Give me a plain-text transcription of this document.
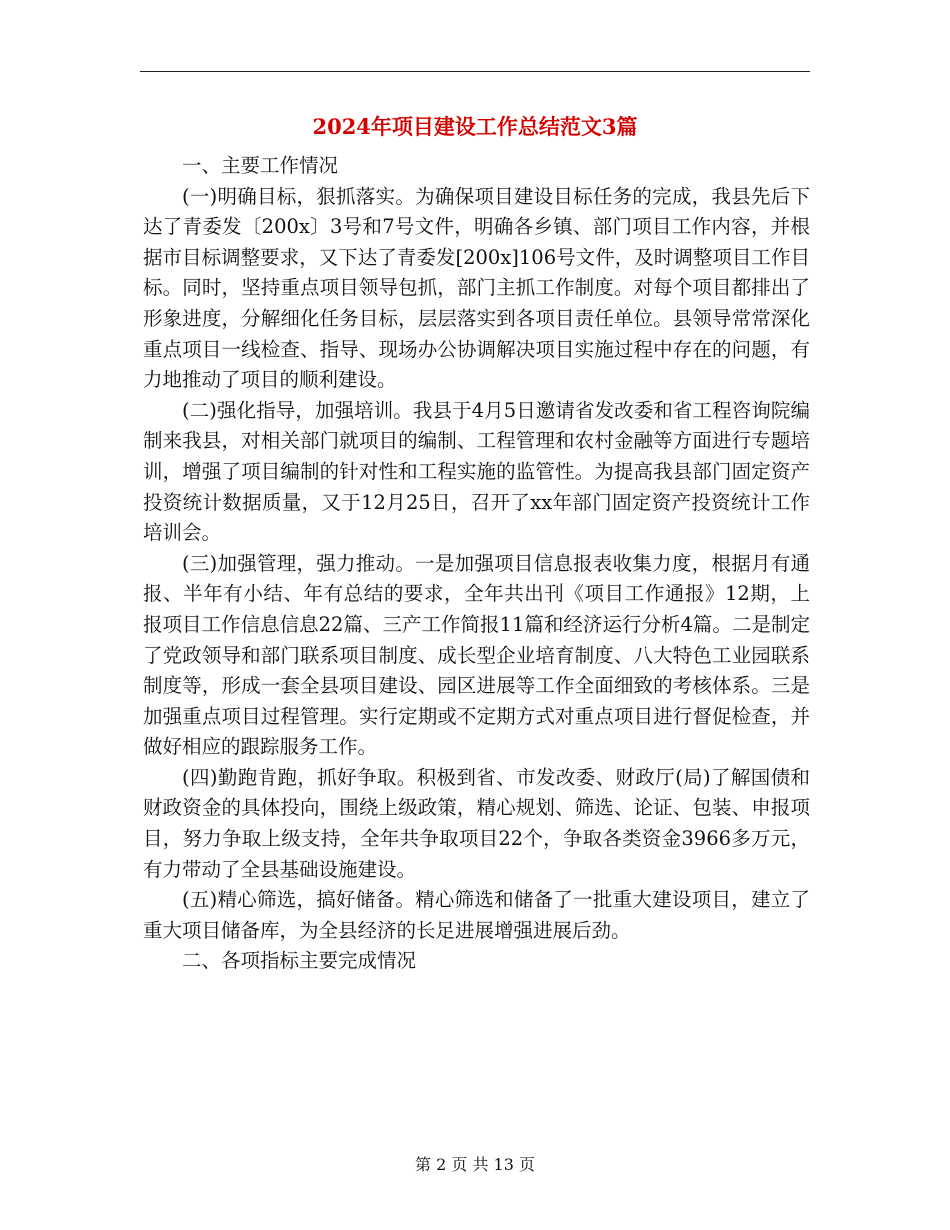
2024年项目建设工作总结范文3篇

一、主要工作情况

(一)明确目标，狠抓落实。为确保项目建设目标任务的完成，我县先后下达了青委发〔200x〕3号和7号文件，明确各乡镇、部门项目工作内容，并根据市目标调整要求，又下达了青委发[200x]106号文件，及时调整项目工作目标。同时，坚持重点项目领导包抓，部门主抓工作制度。对每个项目都排出了形象进度，分解细化任务目标，层层落实到各项目责任单位。县领导常常深化重点项目一线检查、指导、现场办公协调解决项目实施过程中存在的问题，有力地推动了项目的顺利建设。

(二)强化指导，加强培训。我县于4月5日邀请省发改委和省工程咨询院编制来我县，对相关部门就项目的编制、工程管理和农村金融等方面进行专题培训，增强了项目编制的针对性和工程实施的监管性。为提高我县部门固定资产投资统计数据质量，又于12月25日，召开了xx年部门固定资产投资统计工作培训会。

(三)加强管理，强力推动。一是加强项目信息报表收集力度，根据月有通报、半年有小结、年有总结的要求，全年共出刊《项目工作通报》12期，上报项目工作信息信息22篇、三产工作简报11篇和经济运行分析4篇。二是制定了党政领导和部门联系项目制度、成长型企业培育制度、八大特色工业园联系制度等，形成一套全县项目建设、园区进展等工作全面细致的考核体系。三是加强重点项目过程管理。实行定期或不定期方式对重点项目进行督促检查，并做好相应的跟踪服务工作。

(四)勤跑肯跑，抓好争取。积极到省、市发改委、财政厅(局)了解国债和财政资金的具体投向，围绕上级政策，精心规划、筛选、论证、包装、申报项目，努力争取上级支持，全年共争取项目22个，争取各类资金3966多万元，有力带动了全县基础设施建设。

(五)精心筛选，搞好储备。精心筛选和储备了一批重大建设项目，建立了重大项目储备库，为全县经济的长足进展增强进展后劲。

二、各项指标主要完成情况

第 2 页 共 13 页
